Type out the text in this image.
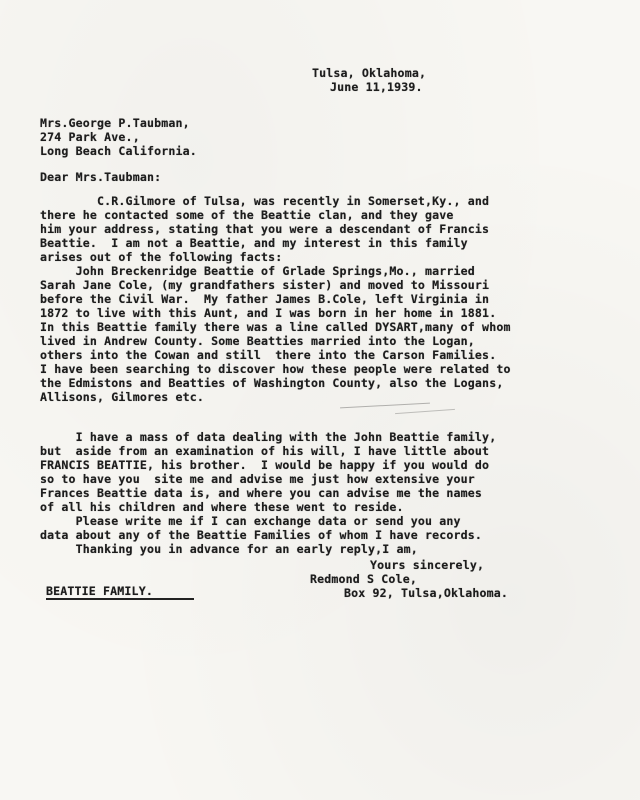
Tulsa, Oklahoma,
June 11,1939.
Mrs.George P.Taubman,
274 Park Ave.,
Long Beach California.
Dear Mrs.Taubman:
C.R.Gilmore of Tulsa, was recently in Somerset,Ky., and
there he contacted some of the Beattie clan, and they gave
him your address, stating that you were a descendant of Francis
Beattie.  I am not a Beattie, and my interest in this family
arises out of the following facts:
John Breckenridge Beattie of Grlade Springs,Mo., married
Sarah Jane Cole, (my grandfathers sister) and moved to Missouri
before the Civil War.  My father James B.Cole, left Virginia in
1872 to live with this Aunt, and I was born in her home in 1881.
In this Beattie family there was a line called DYSART,many of whom
lived in Andrew County. Some Beatties married into the Logan,
others into the Cowan and still  there into the Carson Families.
I have been searching to discover how these people were related to
the Edmistons and Beatties of Washington County, also the Logans,
Allisons, Gilmores etc.
I have a mass of data dealing with the John Beattie family,
but  aside from an examination of his will, I have little about
FRANCIS BEATTIE, his brother.  I would be happy if you would do
so to have you  site me and advise me just how extensive your
Frances Beattie data is, and where you can advise me the names
of all his children and where these went to reside.
Please write me if I can exchange data or send you any
data about any of the Beattie Families of whom I have records.
Thanking you in advance for an early reply,I am,
Yours sincerely,
Redmond S Cole,
Box 92, Tulsa,Oklahoma.
BEATTIE FAMILY.
